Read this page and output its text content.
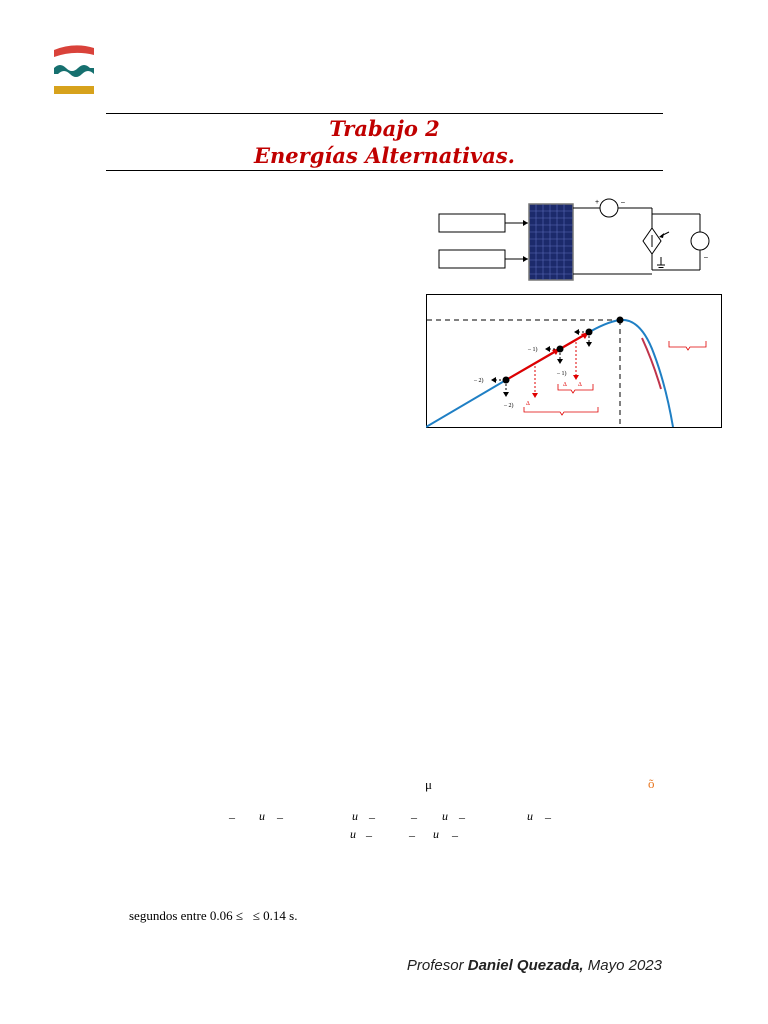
Trabajo 2
Energías Alternativas.
+	–
–
– 2)
– 1)
– 1)
– 2) Δ
Δ Δ
μ	õ
– u –	u –	– u –	u –
u –	– u –
segundos entre 0.06 ≤   ≤ 0.14 s.
Profesor Daniel Quezada, Mayo 2023
